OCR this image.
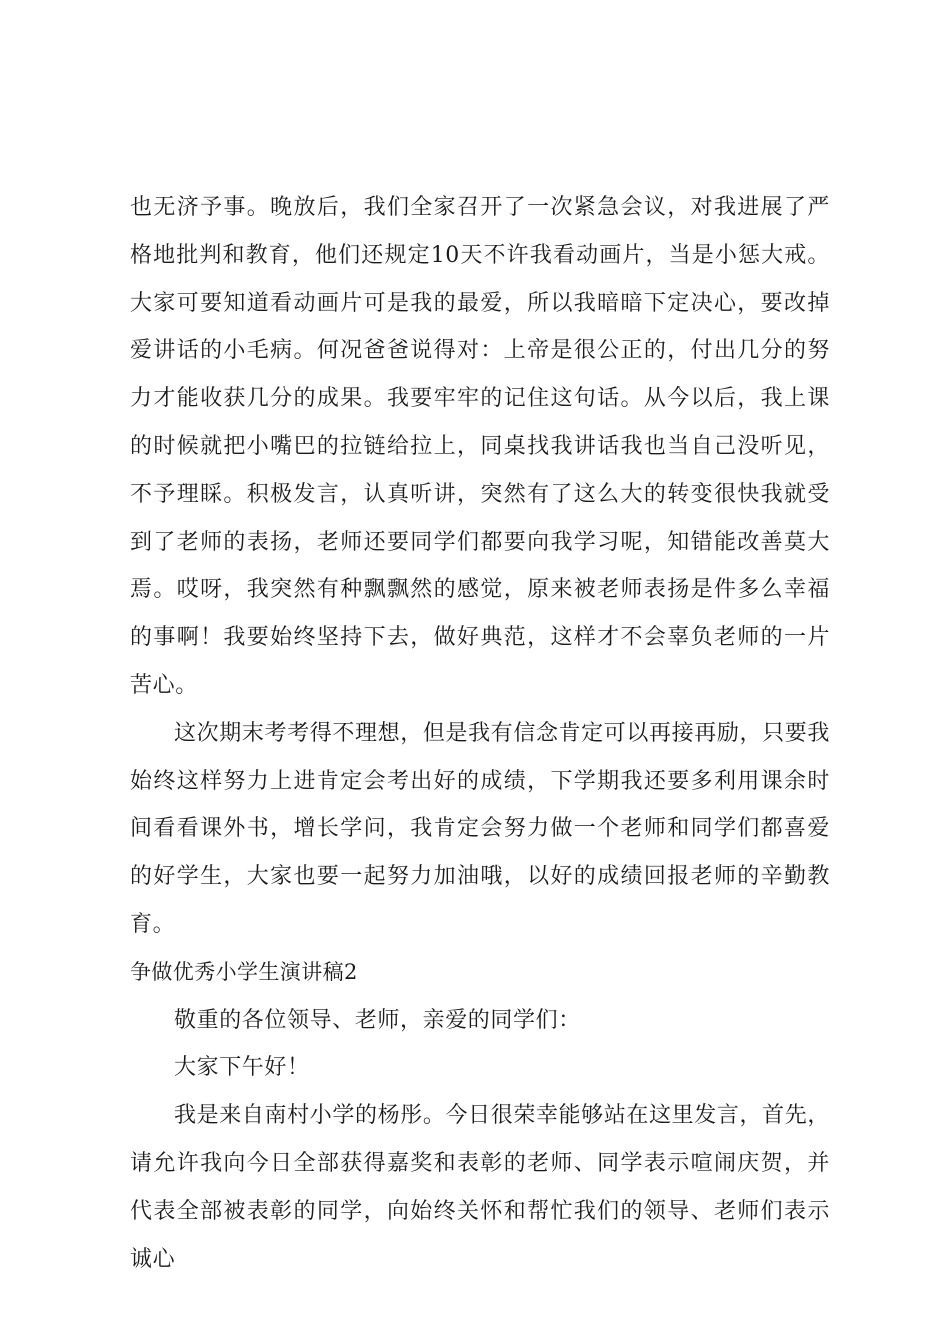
也无济予事。晚放后，我们全家召开了一次紧急会议，对我进展了严格地批判和教育，他们还规定10天不许我看动画片，当是小惩大戒。大家可要知道看动画片可是我的最爱，所以我暗暗下定决心，要改掉爱讲话的小毛病。何况爸爸说得对：上帝是很公正的，付出几分的努力才能收获几分的成果。我要牢牢的记住这句话。从今以后，我上课的时候就把小嘴巴的拉链给拉上，同桌找我讲话我也当自己没听见，不予理睬。积极发言，认真听讲，突然有了这么大的转变很快我就受到了老师的表扬，老师还要同学们都要向我学习呢，知错能改善莫大焉。哎呀，我突然有种飘飘然的感觉，原来被老师表扬是件多么幸福的事啊！我要始终坚持下去，做好典范，这样才不会辜负老师的一片苦心。

这次期末考考得不理想，但是我有信念肯定可以再接再励，只要我始终这样努力上进肯定会考出好的成绩，下学期我还要多利用课余时间看看课外书，增长学问，我肯定会努力做一个老师和同学们都喜爱的好学生，大家也要一起努力加油哦，以好的成绩回报老师的辛勤教育。

争做优秀小学生演讲稿2

敬重的各位领导、老师，亲爱的同学们：

大家下午好！

我是来自南村小学的杨彤。今日很荣幸能够站在这里发言，首先，请允许我向今日全部获得嘉奖和表彰的老师、同学表示喧闹庆贺，并代表全部被表彰的同学，向始终关怀和帮忙我们的领导、老师们表示诚心
